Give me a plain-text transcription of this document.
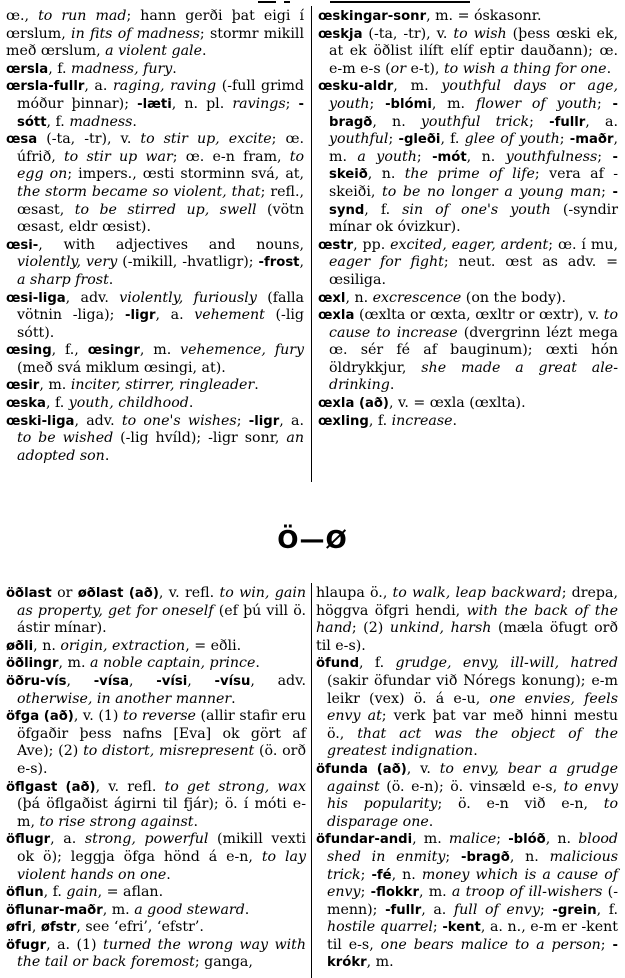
œ., to run mad; hann gerði þat eigi í œrslum, in fits of madness; stormr mikill með œrslum, a violent gale.

œrsla, f. madness, fury.

œrsla-fullr, a. raging, raving (-full grimd móður þinnar); -læti, n. pl. ravings; -sótt, f. madness.

œsa (-ta, -tr), v. to stir up, excite; œ. úfrið, to stir up war; œ. e-n fram, to egg on; impers., œsti storminn svá, at, the storm became so violent, that; refl., œsast, to be stirred up, swell (vötn œsast, eldr œsist).

œsi-, with adjectives and nouns, violently, very (-mikill, -hvatligr); -frost, a sharp frost.

œsi-liga, adv. violently, furiously (falla vötnin -liga); -ligr, a. vehement (-lig sótt).

œsing, f., œsingr, m. vehemence, fury (með svá miklum œsingi, at).

œsir, m. inciter, stirrer, ringleader.

œska, f. youth, childhood.

œski-liga, adv. to one's wishes; -ligr, a. to be wished (-lig hvíld); -ligr sonr, an adopted son.

œskingar-sonr, m. = óskasonr.

œskja (-ta, -tr), v. to wish (þess œski ek, at ek öðlist ilíft elíf eptir dauðann); œ. e-m e-s (or e-t), to wish a thing for one.

œsku-aldr, m. youthful days or age, youth; -blómi, m. flower of youth; -bragð, n. youthful trick; -fullr, a. youthful; -gleði, f. glee of youth; -maðr, m. a youth; -mót, n. youthfulness; -skeið, n. the prime of life; vera af -skeiði, to be no longer a young man; -synd, f. sin of one's youth (-syndir mínar ok óvizkur).

œstr, pp. excited, eager, ardent; œ. í mu, eager for fight; neut. œst as adv. = œsiliga.

œxl, n. excrescence (on the body).

œxla (œxlta or œxta, œxltr or œxtr), v. to cause to increase (dvergrinn lézt mega œ. sér fé af bauginum); œxti hón öldrykkjur, she made a great ale-drinking.

œxla (að), v. = œxla (œxlta).

œxling, f. increase.

Ö—Ø

öðlast or øðlast (að), v. refl. to win, gain as property, get for oneself (ef þú vill ö. ástir mínar).

øðli, n. origin, extraction, = eðli.

öðlingr, m. a noble captain, prince.

öðru-vís, -vísa, -vísi, -vísu, adv. otherwise, in another manner.

öfga (að), v. (1) to reverse (allir stafir eru öfgaðir þess nafns [Eva] ok gört af Ave); (2) to distort, misrepresent (ö. orð e-s).

öflgast (að), v. refl. to get strong, wax (þá öflgaðist ágirni til fjár); ö. í móti e-m, to rise strong against.

öflugr, a. strong, powerful (mikill vexti ok ö); leggja öfga hönd á e-n, to lay violent hands on one.

öflun, f. gain, = aflan.

öflunar-maðr, m. a good steward.

øfri, øfstr, see ‘efri’, ‘efstr’.

öfugr, a. (1) turned the wrong way with the tail or back foremost; ganga,

hlaupa ö., to walk, leap backward; drepa, höggva öfgri hendi, with the back of the hand; (2) unkind, harsh (mæla öfugt orð til e-s).

öfund, f. grudge, envy, ill-will, hatred (sakir öfundar við Nóregs konung); e-m leikr (vex) ö. á e-u, one envies, feels envy at; verk þat var með hinni mestu ö., that act was the object of the greatest indignation.

öfunda (að), v. to envy, bear a grudge against (ö. e-n); ö. vinsæld e-s, to envy his popularity; ö. e-n við e-n, to disparage one.

öfundar-andi, m. malice; -blóð, n. blood shed in enmity; -bragð, n. malicious trick; -fé, n. money which is a cause of envy; -flokkr, m. a troop of ill-wishers (-menn); -fullr, a. full of envy; -grein, f. hostile quarrel; -kent, a. n., e-m er -kent til e-s, one bears malice to a person; -krókr, m.
